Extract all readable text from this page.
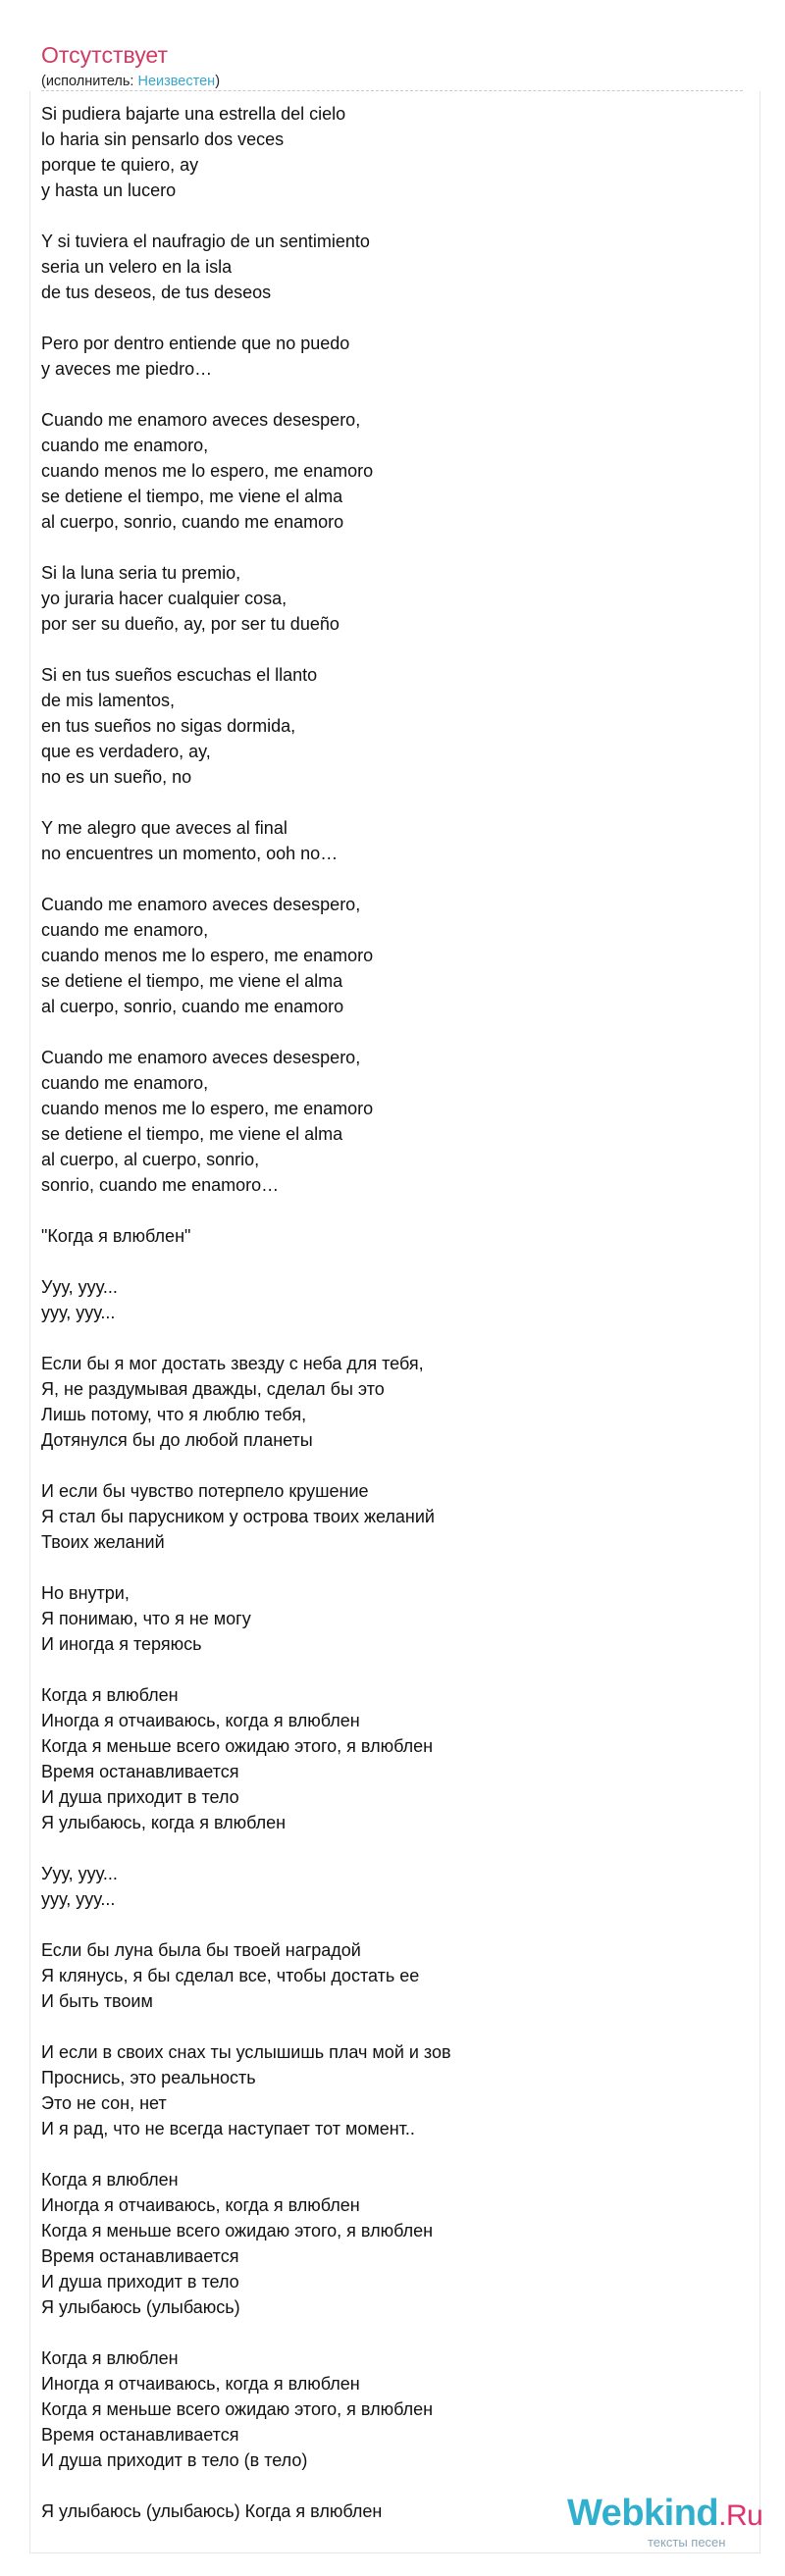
Отсутствует
(исполнитель: Неизвестен)
Si pudiera bajarte una estrella del cielo
lo haria sin pensarlo dos veces
porque te quiero, ay
y hasta un lucero

Y si tuviera el naufragio de un sentimiento
seria un velero en la isla
de tus deseos, de tus deseos

Pero por dentro entiende que no puedo
y aveces me piedro…

Cuando me enamoro aveces desespero,
cuando me enamoro,
cuando menos me lo espero, me enamoro
se detiene el tiempo, me viene el alma
al cuerpo, sonrio, cuando me enamoro

Si la luna seria tu premio,
yo juraria hacer cualquier cosa,
por ser su dueño, ay, por ser tu dueño

Si en tus sueños escuchas el llanto
de mis lamentos,
en tus sueños no sigas dormida,
que es verdadero, ay,
no es un sueño, no

Y me alegro que aveces al final
no encuentres un momento, ooh no…

Cuando me enamoro aveces desespero,
cuando me enamoro,
cuando menos me lo espero, me enamoro
se detiene el tiempo, me viene el alma
al cuerpo, sonrio, cuando me enamoro

Cuando me enamoro aveces desespero,
cuando me enamoro,
cuando menos me lo espero, me enamoro
se detiene el tiempo, me viene el alma
al cuerpo, al cuerpo, sonrio,
sonrio, cuando me enamoro…

"Когда я влюблен"

Ууу, ууу...
ууу, ууу...

Если бы я мог достать звезду с неба для тебя,
Я, не раздумывая дважды, сделал бы это
Лишь потому, что я люблю тебя,
Дотянулся бы до любой планеты

И если бы чувство потерпело крушение
Я стал бы парусником у острова твоих желаний
Твоих желаний

Но внутри,
Я понимаю, что я не могу
И иногда я теряюсь

Когда я влюблен
Иногда я отчаиваюсь, когда я влюблен
Когда я меньше всего ожидаю этого, я влюблен
Время останавливается
И душа приходит в тело
Я улыбаюсь, когда я влюблен

Ууу, ууу...
ууу, ууу...

Если бы луна была бы твоей наградой
Я клянусь, я бы сделал все, чтобы достать ее
И быть твоим

И если в своих снах ты услышишь плач мой и зов
Проснись, это реальность
Это не сон, нет
И я рад, что не всегда наступает тот момент..

Когда я влюблен
Иногда я отчаиваюсь, когда я влюблен
Когда я меньше всего ожидаю этого, я влюблен
Время останавливается
И душа приходит в тело
Я улыбаюсь (улыбаюсь)

Когда я влюблен
Иногда я отчаиваюсь, когда я влюблен
Когда я меньше всего ожидаю этого, я влюблен
Время останавливается
И душа приходит в тело (в тело)

Я улыбаюсь (улыбаюсь) Когда я влюблен	Webkind.Ru
тексты песен
